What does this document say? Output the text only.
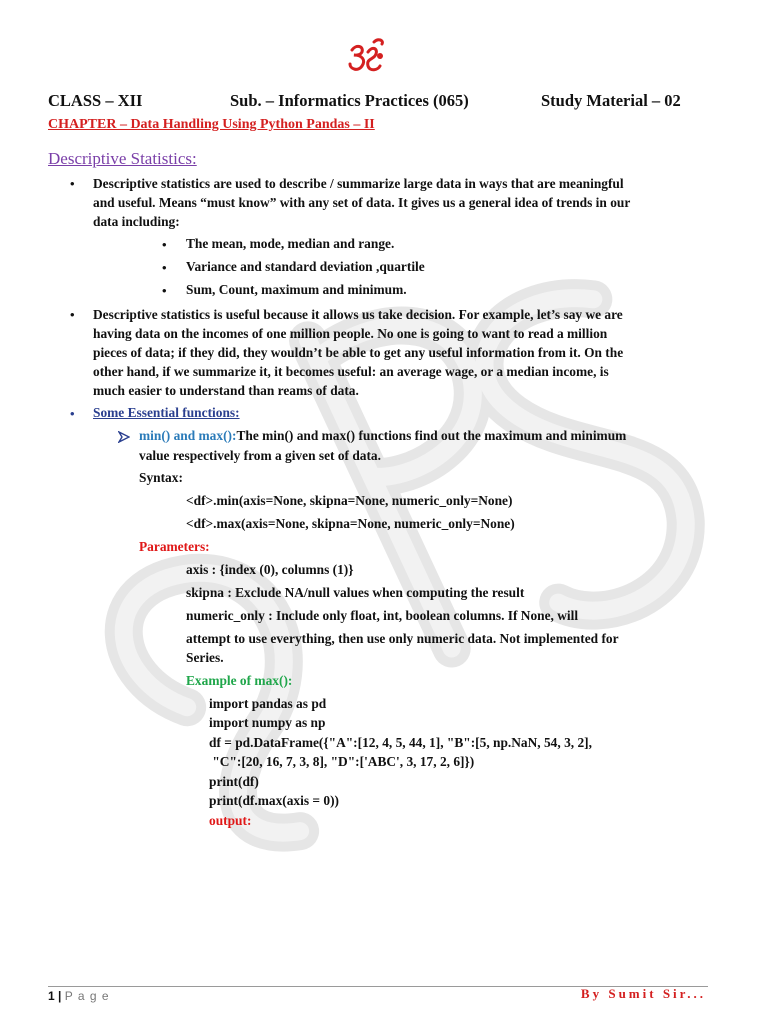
CLASS – XII	Sub. – Informatics Practices (065)	Study Material – 02
CHAPTER – Data Handling Using Python Pandas – II
Descriptive Statistics:
• Descriptive statistics are used to describe / summarize large data in ways that are meaningful
and useful. Means “must know” with any set of data. It gives us a general idea of trends in our
data including:
• The mean, mode, median and range.
• Variance and standard deviation ,quartile
• Sum, Count, maximum and minimum.
• Descriptive statistics is useful because it allows us take decision. For example, let’s say we are
having data on the incomes of one million people. No one is going to want to read a million
pieces of data; if they did, they wouldn’t be able to get any useful information from it. On the
other hand, if we summarize it, it becomes useful: an average wage, or a median income, is
much easier to understand than reams of data.
• Some Essential functions:
min() and max():The min() and max() functions find out the maximum and minimum
value respectively from a given set of data.
Syntax:
<df>.min(axis=None, skipna=None, numeric_only=None)
<df>.max(axis=None, skipna=None, numeric_only=None)
Parameters:
axis : {index (0), columns (1)}
skipna : Exclude NA/null values when computing the result
numeric_only : Include only float, int, boolean columns. If None, will
attempt to use everything, then use only numeric data. Not implemented for
Series.
Example of max():
import pandas as pd
import numpy as np
df = pd.DataFrame({"A":[12, 4, 5, 44, 1], "B":[5, np.NaN, 54, 3, 2],
"C":[20, 16, 7, 3, 8], "D":['ABC', 3, 17, 2, 6]})
print(df)
print(df.max(axis = 0))
output:
1 | P a g e	By Sumit Sir...
